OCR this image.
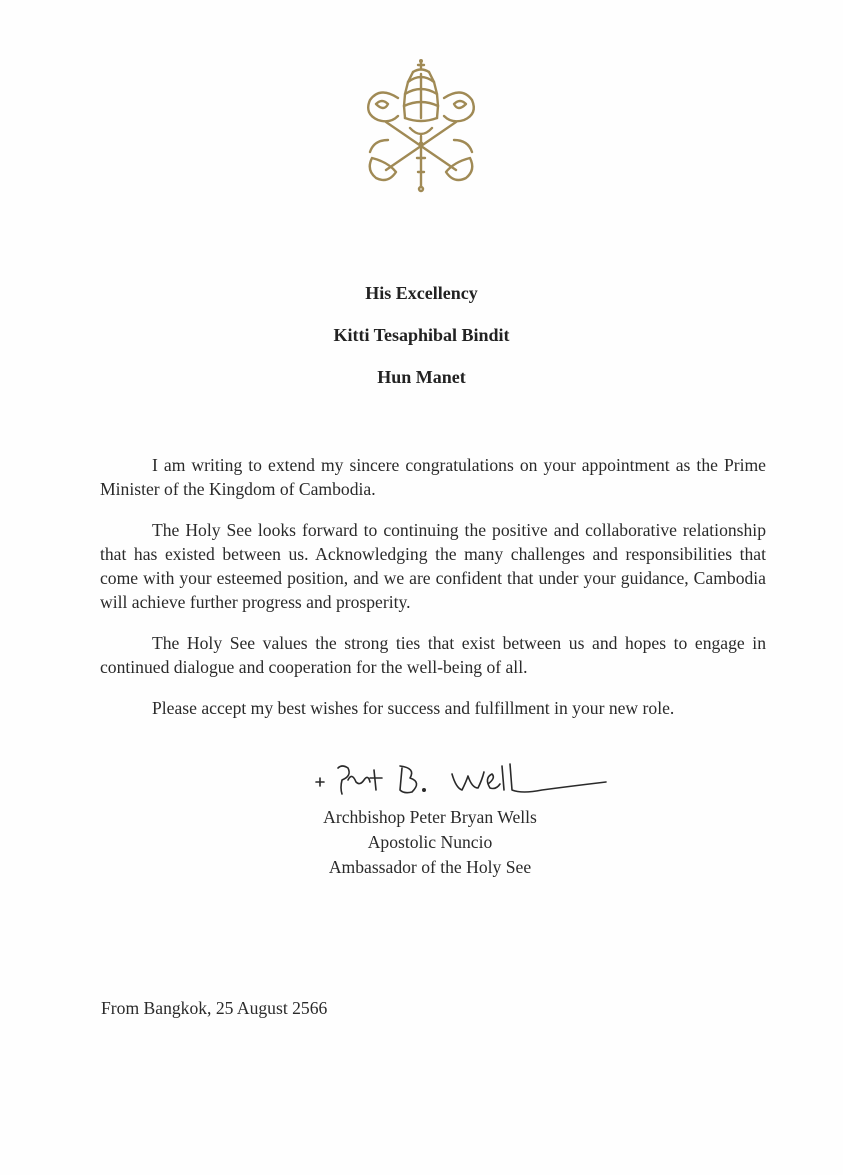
His Excellency
Kitti Tesaphibal Bindit
Hun Manet

I am writing to extend my sincere congratulations on your appointment as the Prime Minister of the Kingdom of Cambodia.

The Holy See looks forward to continuing the positive and collaborative relationship that has existed between us. Acknowledging the many challenges and responsibilities that come with your esteemed position, and we are confident that under your guidance, Cambodia will achieve further progress and prosperity.

The Holy See values the strong ties that exist between us and hopes to engage in continued dialogue and cooperation for the well-being of all.

Please accept my best wishes for success and fulfillment in your new role.

Archbishop Peter Bryan Wells
Apostolic Nuncio
Ambassador of the Holy See
From Bangkok, 25 August 2566
